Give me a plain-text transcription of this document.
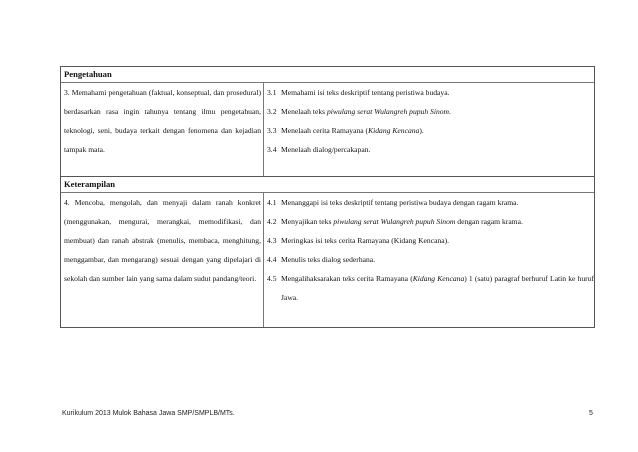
Pengetahuan
3. Memahami pengetahuan (faktual, konseptual, dan prosedural) berdasarkan rasa ingin tahunya tentang ilmu pengetahuan, teknologi, seni, budaya terkait dengan fenomena dan kejadian tampak mata.
3.1 Memahami isi teks deskriptif tentang peristiwa budaya.
3.2 Menelaah teks piwulang serat Wulangreh pupuh Sinom.
3.3 Menelaah cerita Ramayana (Kidang Kencana).
3.4 Menelaah dialog/percakapan.
Keterampilan
4. Mencoba, mengolah, dan menyaji dalam ranah konkret (menggunakan, mengurai, merangkai, memodifikasi, dan membuat) dan ranah abstrak (menulis, membaca, menghitung, menggambar, dan mengarang) sesuai dengan yang dipelajari di sekolah dan sumber lain yang sama dalam sudut pandang/teori.
4.1 Menanggapi isi teks deskriptif tentang peristiwa budaya dengan ragam krama.
4.2 Menyajikan teks piwulang serat Wulangreh pupuh Sinom dengan ragam krama.
4.3 Meringkas isi teks cerita Ramayana (Kidang Kencana).
4.4 Menulis teks dialog sederhana.
4.5 Mengalihaksarakan teks cerita Ramayana (Kidang Kencana) 1 (satu) paragraf berhuruf Latin ke huruf Jawa.
Kurikulum 2013 Mulok Bahasa Jawa SMP/SMPLB/MTs.	5
